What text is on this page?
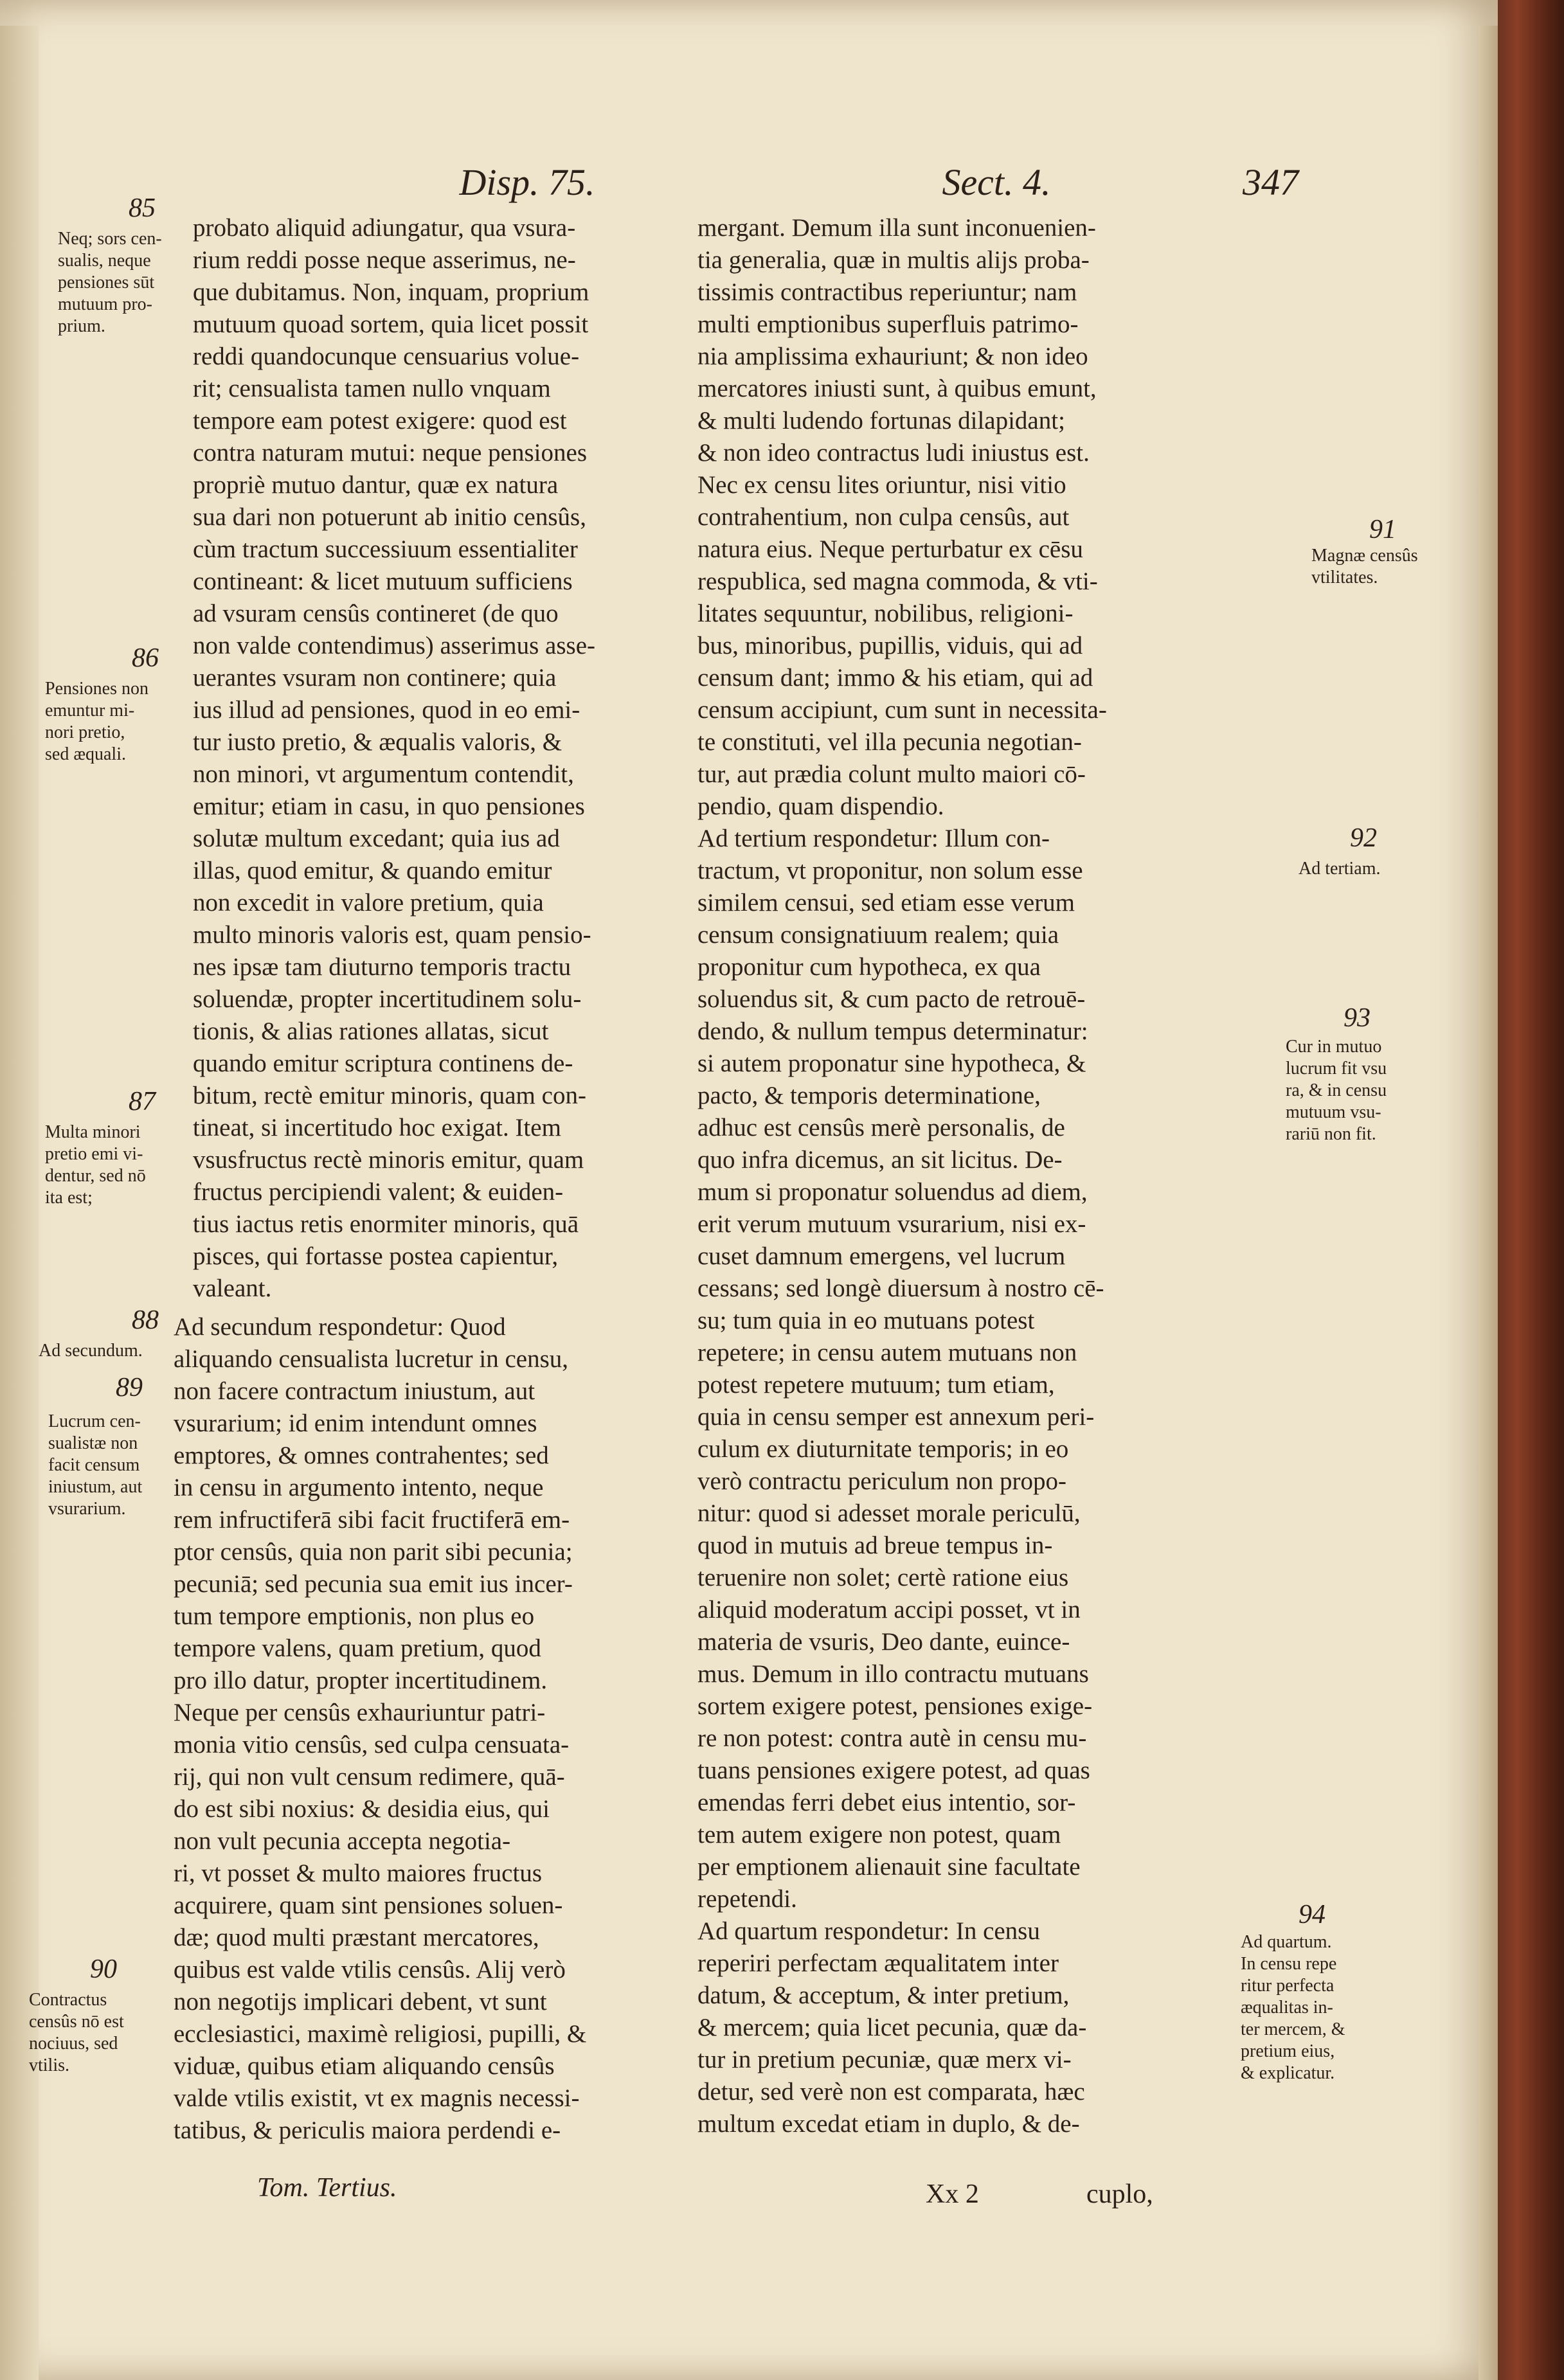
Disp. 75.	Sect. 4.	347
probato aliquid adiungatur, qua vsura-
rium reddi posse neque asserimus, ne-
que dubitamus. Non, inquam, proprium
mutuum quoad sortem, quia licet possit
reddi quandocunque censuarius volue-
rit; censualista tamen nullo vnquam
tempore eam potest exigere: quod est
contra naturam mutui: neque pensiones
propriè mutuo dantur, quæ ex natura
sua dari non potuerunt ab initio censûs,
cùm tractum successiuum essentialiter
contineant: & licet mutuum sufficiens
ad vsuram censûs contineret (de quo
non valde contendimus) asserimus asse-
uerantes vsuram non continere; quia
ius illud ad pensiones, quod in eo emi-
tur iusto pretio, & æqualis valoris, &
non minori, vt argumentum contendit,
emitur; etiam in casu, in quo pensiones
solutæ multum excedant; quia ius ad
illas, quod emitur, & quando emitur
non excedit in valore pretium, quia
multo minoris valoris est, quam pensio-
nes ipsæ tam diuturno temporis tractu
soluendæ, propter incertitudinem solu-
tionis, & alias rationes allatas, sicut
quando emitur scriptura continens de-
bitum, rectè emitur minoris, quam con-
tineat, si incertitudo hoc exigat. Item
vsusfructus rectè minoris emitur, quam
fructus percipiendi valent; & euiden-
tius iactus retis enormiter minoris, quā
pisces, qui fortasse postea capientur,
valeant.
Ad secundum respondetur: Quod
aliquando censualista lucretur in censu,
non facere contractum iniustum, aut
vsurarium; id enim intendunt omnes
emptores, & omnes contrahentes; sed
in censu in argumento intento, neque
rem infructiferā sibi facit fructiferā em-
ptor censûs, quia non parit sibi pecunia;
pecuniā; sed pecunia sua emit ius incer-
tum tempore emptionis, non plus eo
tempore valens, quam pretium, quod
pro illo datur, propter incertitudinem.
Neque per censûs exhauriuntur patri-
monia vitio censûs, sed culpa censuata-
rij, qui non vult censum redimere, quā-
do est sibi noxius: & desidia eius, qui
non vult pecunia accepta negotia-
ri, vt posset & multo maiores fructus
acquirere, quam sint pensiones soluen-
dæ; quod multi præstant mercatores,
quibus est valde vtilis censûs. Alij verò
non negotijs implicari debent, vt sunt
ecclesiastici, maximè religiosi, pupilli, &
viduæ, quibus etiam aliquando censûs
valde vtilis existit, vt ex magnis necessi-
tatibus, & periculis maiora perdendi e-
mergant. Demum illa sunt inconuenien-
tia generalia, quæ in multis alijs proba-
tissimis contractibus reperiuntur; nam
multi emptionibus superfluis patrimo-
nia amplissima exhauriunt; & non ideo
mercatores iniusti sunt, à quibus emunt,
& multi ludendo fortunas dilapidant;
& non ideo contractus ludi iniustus est.
Nec ex censu lites oriuntur, nisi vitio
contrahentium, non culpa censûs, aut
natura eius. Neque perturbatur ex cēsu
respublica, sed magna commoda, & vti-
litates sequuntur, nobilibus, religioni-
bus, minoribus, pupillis, viduis, qui ad
censum dant; immo & his etiam, qui ad
censum accipiunt, cum sunt in necessita-
te constituti, vel illa pecunia negotian-
tur, aut prædia colunt multo maiori cō-
pendio, quam dispendio.
Ad tertium respondetur: Illum con-
tractum, vt proponitur, non solum esse
similem censui, sed etiam esse verum
censum consignatiuum realem; quia
proponitur cum hypotheca, ex qua
soluendus sit, & cum pacto de retrouē-
dendo, & nullum tempus determinatur:
si autem proponatur sine hypotheca, &
pacto, & temporis determinatione,
adhuc est censûs merè personalis, de
quo infra dicemus, an sit licitus. De-
mum si proponatur soluendus ad diem,
erit verum mutuum vsurarium, nisi ex-
cuset damnum emergens, vel lucrum
cessans; sed longè diuersum à nostro cē-
su; tum quia in eo mutuans potest
repetere; in censu autem mutuans non
potest repetere mutuum; tum etiam,
quia in censu semper est annexum peri-
culum ex diuturnitate temporis; in eo
verò contractu periculum non propo-
nitur: quod si adesset morale periculū,
quod in mutuis ad breue tempus in-
teruenire non solet; certè ratione eius
aliquid moderatum accipi posset, vt in
materia de vsuris, Deo dante, euince-
mus. Demum in illo contractu mutuans
sortem exigere potest, pensiones exige-
re non potest: contra autè in censu mu-
tuans pensiones exigere potest, ad quas
emendas ferri debet eius intentio, sor-
tem autem exigere non potest, quam
per emptionem alienauit sine facultate
repetendi.
Ad quartum respondetur: In censu
reperiri perfectam æqualitatem inter
datum, & acceptum, & inter pretium,
& mercem; quia licet pecunia, quæ da-
tur in pretium pecuniæ, quæ merx vi-
detur, sed verè non est comparata, hæc
multum excedat etiam in duplo, & de-
85
Neq; sors cen-
sualis, neque
pensiones sūt
mutuum pro-
prium.
86
Pensiones non
emuntur mi-
nori pretio,
sed æquali.
87
Multa minori
pretio emi vi-
dentur, sed nō
ita est;
88
Ad secundum.
89
Lucrum cen-
sualistæ non
facit censum
iniustum, aut
vsurarium.
90
Contractus
censûs nō est
nociuus, sed
vtilis.
91
Magnæ censûs
vtilitates.
92
Ad tertiam.
93
Cur in mutuo
lucrum fit vsu
ra, & in censu
mutuum vsu-
rariū non fit.
94
Ad quartum.
In censu repe
ritur perfecta
æqualitas in-
ter mercem, &
pretium eius,
& explicatur.
Tom. Tertius.	Xx 2	cuplo,
